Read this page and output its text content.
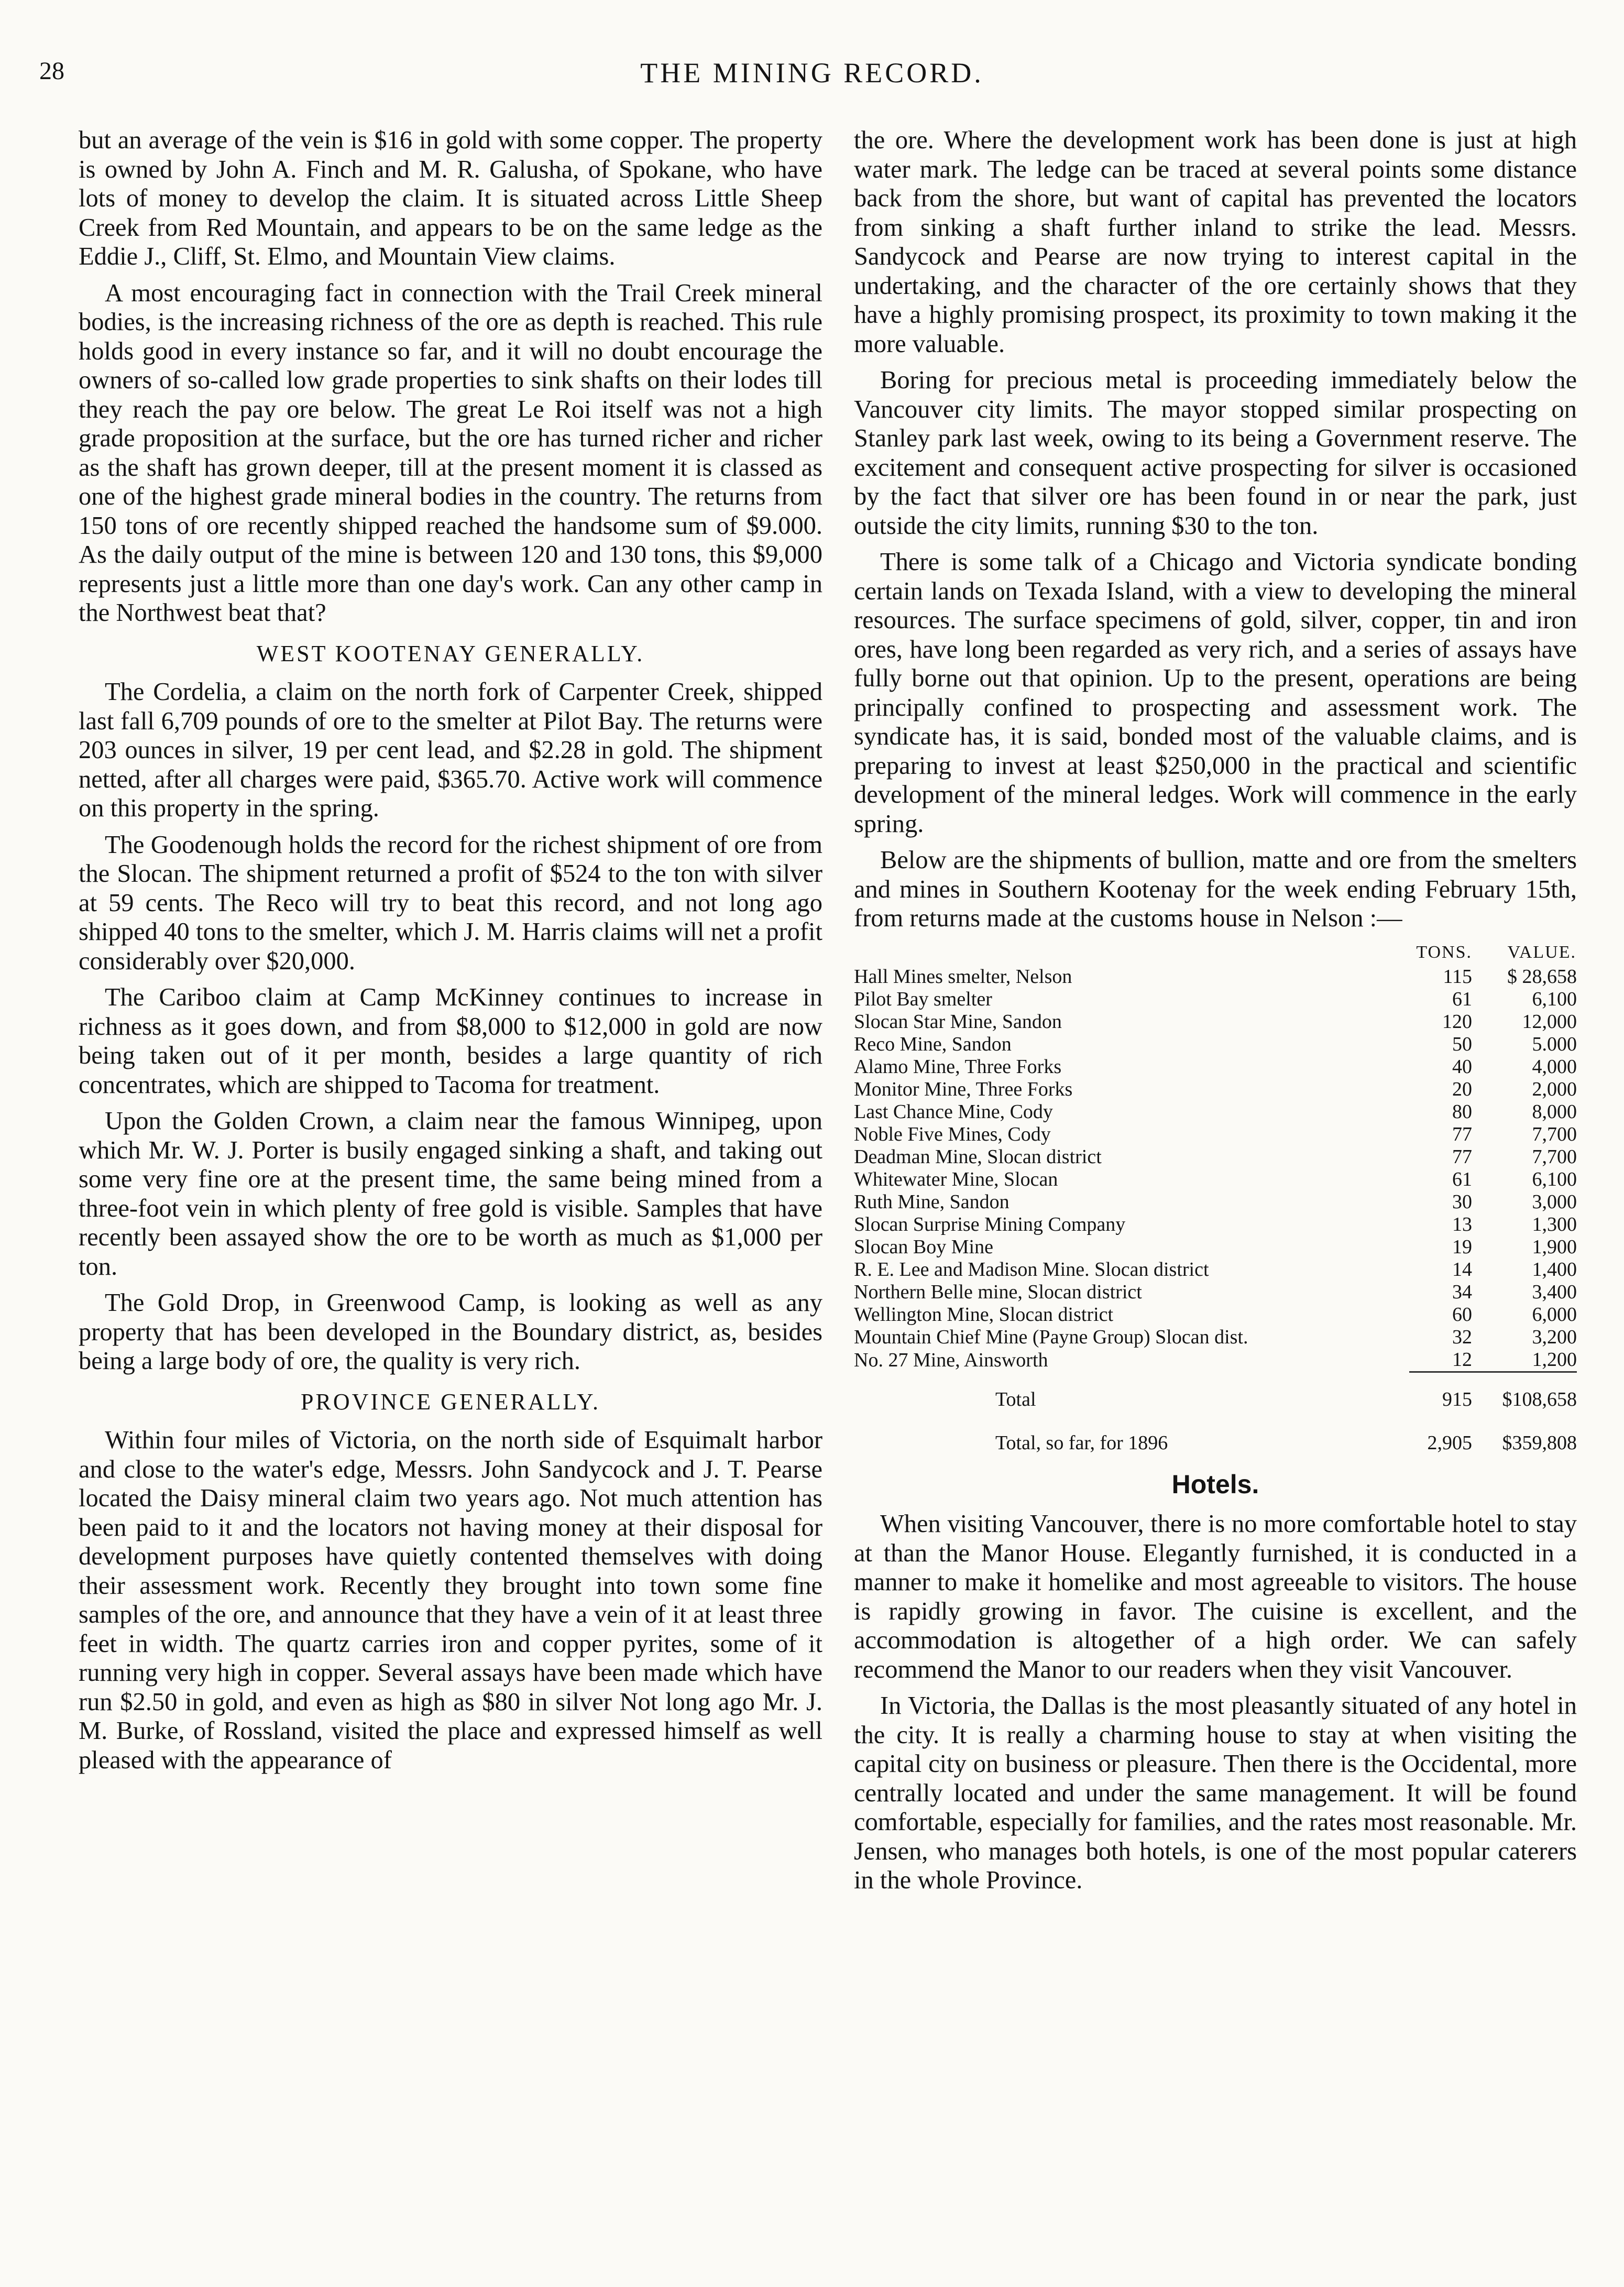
28	THE MINING RECORD.

but an average of the vein is $16 in gold with some copper. The property is owned by John A. Finch and M. R. Galusha, of Spokane, who have lots of money to develop the claim. It is situated across Little Sheep Creek from Red Mountain, and appears to be on the same ledge as the Eddie J., Cliff, St. Elmo, and Mountain View claims.

A most encouraging fact in connection with the Trail Creek mineral bodies, is the increasing richness of the ore as depth is reached. This rule holds good in every instance so far, and it will no doubt encourage the owners of so-called low grade properties to sink shafts on their lodes till they reach the pay ore below. The great Le Roi itself was not a high grade proposition at the surface, but the ore has turned richer and richer as the shaft has grown deeper, till at the present moment it is classed as one of the highest grade mineral bodies in the country. The returns from 150 tons of ore recently shipped reached the handsome sum of $9.000. As the daily output of the mine is between 120 and 130 tons, this $9,000 represents just a little more than one day's work. Can any other camp in the Northwest beat that?

WEST KOOTENAY GENERALLY.

The Cordelia, a claim on the north fork of Carpenter Creek, shipped last fall 6,709 pounds of ore to the smelter at Pilot Bay. The returns were 203 ounces in silver, 19 per cent lead, and $2.28 in gold. The shipment netted, after all charges were paid, $365.70. Active work will commence on this property in the spring.

The Goodenough holds the record for the richest shipment of ore from the Slocan. The shipment returned a profit of $524 to the ton with silver at 59 cents. The Reco will try to beat this record, and not long ago shipped 40 tons to the smelter, which J. M. Harris claims will net a profit considerably over $20,000.

The Cariboo claim at Camp McKinney continues to increase in richness as it goes down, and from $8,000 to $12,000 in gold are now being taken out of it per month, besides a large quantity of rich concentrates, which are shipped to Tacoma for treatment.

Upon the Golden Crown, a claim near the famous Winnipeg, upon which Mr. W. J. Porter is busily engaged sinking a shaft, and taking out some very fine ore at the present time, the same being mined from a three-foot vein in which plenty of free gold is visible. Samples that have recently been assayed show the ore to be worth as much as $1,000 per ton.

The Gold Drop, in Greenwood Camp, is looking as well as any property that has been developed in the Boundary district, as, besides being a large body of ore, the quality is very rich.

PROVINCE GENERALLY.

Within four miles of Victoria, on the north side of Esquimalt harbor and close to the water's edge, Messrs. John Sandycock and J. T. Pearse located the Daisy mineral claim two years ago. Not much attention has been paid to it and the locators not having money at their disposal for development purposes have quietly contented themselves with doing their assessment work. Recently they brought into town some fine samples of the ore, and announce that they have a vein of it at least three feet in width. The quartz carries iron and copper pyrites, some of it running very high in copper. Several assays have been made which have run $2.50 in gold, and even as high as $80 in silver Not long ago Mr. J. M. Burke, of Rossland, visited the place and expressed himself as well pleased with the appearance of

the ore. Where the development work has been done is just at high water mark. The ledge can be traced at several points some distance back from the shore, but want of capital has prevented the locators from sinking a shaft further inland to strike the lead. Messrs. Sandycock and Pearse are now trying to interest capital in the undertaking, and the character of the ore certainly shows that they have a highly promising prospect, its proximity to town making it the more valuable.

Boring for precious metal is proceeding immediately below the Vancouver city limits. The mayor stopped similar prospecting on Stanley park last week, owing to its being a Government reserve. The excitement and consequent active prospecting for silver is occasioned by the fact that silver ore has been found in or near the park, just outside the city limits, running $30 to the ton.

There is some talk of a Chicago and Victoria syndicate bonding certain lands on Texada Island, with a view to developing the mineral resources. The surface specimens of gold, silver, copper, tin and iron ores, have long been regarded as very rich, and a series of assays have fully borne out that opinion. Up to the present, operations are being principally confined to prospecting and assessment work. The syndicate has, it is said, bonded most of the valuable claims, and is preparing to invest at least $250,000 in the practical and scientific development of the mineral ledges. Work will commence in the early spring.

Below are the shipments of bullion, matte and ore from the smelters and mines in Southern Kootenay for the week ending February 15th, from returns made at the customs house in Nelson :—

	TONS.	VALUE.
Hall Mines smelter, Nelson	115	$ 28,658
Pilot Bay smelter	61	6,100
Slocan Star Mine, Sandon	120	12,000
Reco Mine, Sandon	50	5.000
Alamo Mine, Three Forks	40	4,000
Monitor Mine, Three Forks	20	2,000
Last Chance Mine, Cody	80	8,000
Noble Five Mines, Cody	77	7,700
Deadman Mine, Slocan district	77	7,700
Whitewater Mine, Slocan	61	6,100
Ruth Mine, Sandon	30	3,000
Slocan Surprise Mining Company	13	1,300
Slocan Boy Mine	19	1,900
R. E. Lee and Madison Mine. Slocan district	14	1,400
Northern Belle mine, Slocan district	34	3,400
Wellington Mine, Slocan district	60	6,000
Mountain Chief Mine (Payne Group) Slocan dist.	32	3,200
No. 27 Mine, Ainsworth	12	1,200
Total	915	$108,658
Total, so far, for 1896	2,905	$359,808
Hotels.

When visiting Vancouver, there is no more comfortable hotel to stay at than the Manor House. Elegantly furnished, it is conducted in a manner to make it homelike and most agreeable to visitors. The house is rapidly growing in favor. The cuisine is excellent, and the accommodation is altogether of a high order. We can safely recommend the Manor to our readers when they visit Vancouver.

In Victoria, the Dallas is the most pleasantly situated of any hotel in the city. It is really a charming house to stay at when visiting the capital city on business or pleasure. Then there is the Occidental, more centrally located and under the same management. It will be found comfortable, especially for families, and the rates most reasonable. Mr. Jensen, who manages both hotels, is one of the most popular caterers in the whole Province.
